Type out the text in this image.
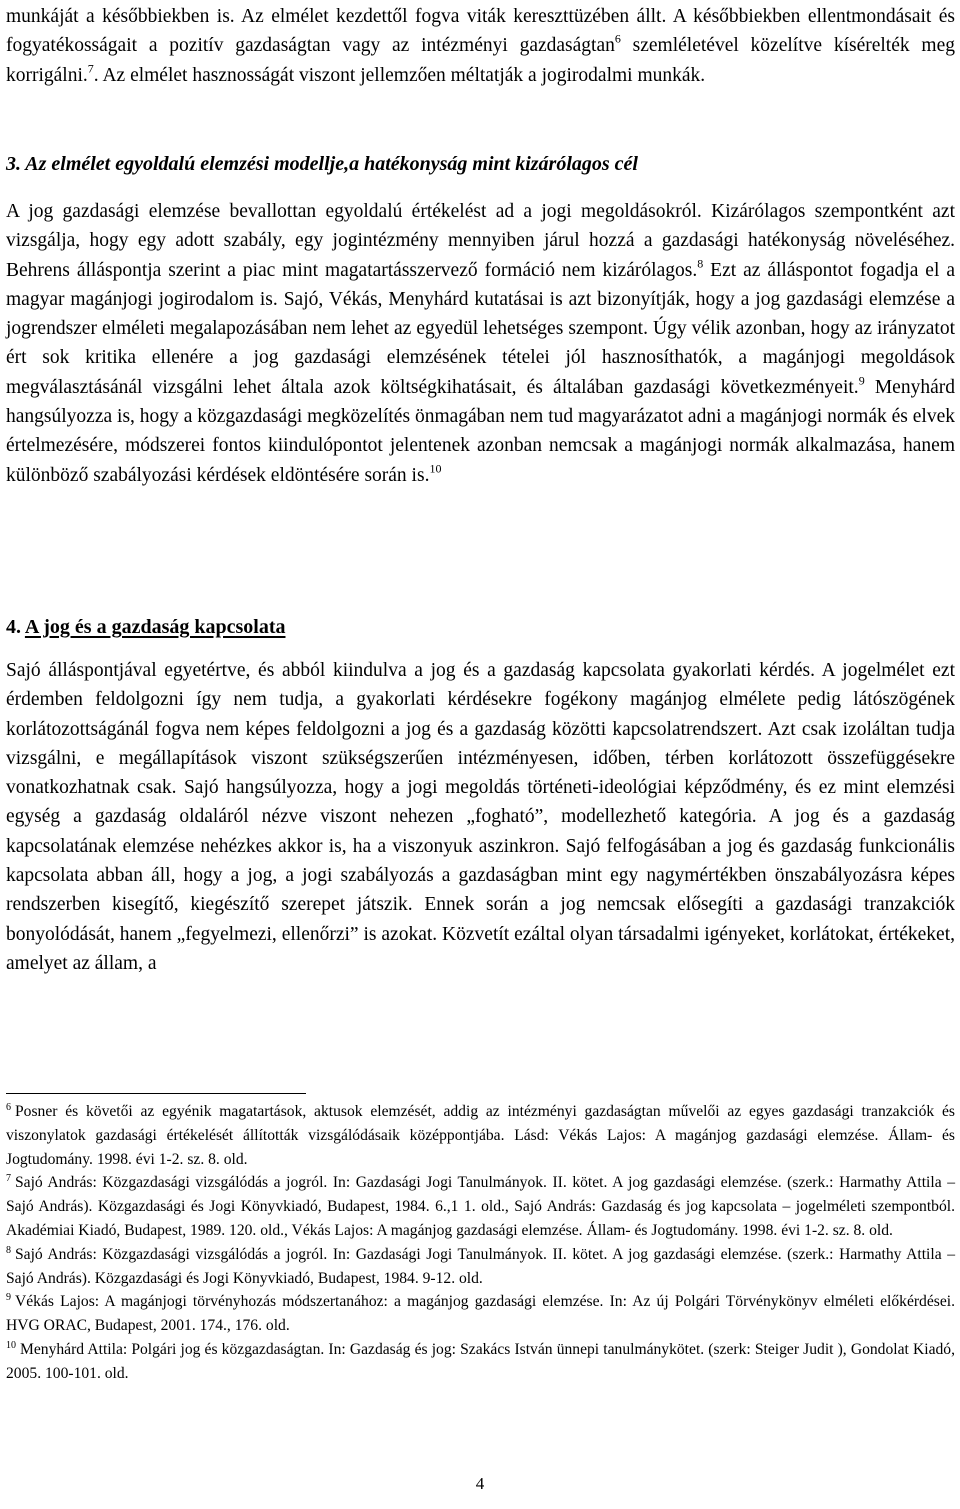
munkáját a későbbiekben is. Az elmélet kezdettől fogva viták kereszttüzében állt. A későbbiekben ellentmondásait és fogyatékosságait a pozitív gazdaságtan vagy az intézményi gazdaságtan$^6$ szemléletével közelítve kísérelték meg korrigálni.$^7$. Az elmélet hasznosságát viszont jellemzően méltatják a jogirodalmi munkák.

3. Az elmélet egyoldalú elemzési modellje,a hatékonyság mint kizárólagos cél

A jog gazdasági elemzése bevallottan egyoldalú értékelést ad a jogi megoldásokról. Kizárólagos szempontként azt vizsgálja, hogy egy adott szabály, egy jogintézmény mennyiben járul hozzá a gazdasági hatékonyság növeléséhez. Behrens álláspontja szerint a piac mint magatartásszervező formáció nem kizárólagos.$^8$ Ezt az álláspontot fogadja el a magyar magánjogi jogirodalom is. Sajó, Vékás, Menyhárd kutatásai is azt bizonyítják, hogy a jog gazdasági elemzése a jogrendszer elméleti megalapozásában nem lehet az egyedül lehetséges szempont. Úgy vélik azonban, hogy az irányzatot ért sok kritika ellenére a jog gazdasági elemzésének tételei jól hasznosíthatók, a magánjogi megoldások megválasztásánál vizsgálni lehet általa azok költségkihatásait, és általában gazdasági következményeit.$^9$ Menyhárd hangsúlyozza is, hogy a közgazdasági megközelítés önmagában nem tud magyarázatot adni a magánjogi normák és elvek értelmezésére, módszerei fontos kiindulópontot jelentenek azonban nemcsak a magánjogi normák alkalmazása, hanem különböző szabályozási kérdések eldöntésére során is.$^{10}$

4. A jog és a gazdaság kapcsolata

Sajó álláspontjával egyetértve, és abból kiindulva a jog és a gazdaság kapcsolata gyakorlati kérdés. A jogelmélet ezt érdemben feldolgozni így nem tudja, a gyakorlati kérdésekre fogékony magánjog elmélete pedig látószögének korlátozottságánál fogva nem képes feldolgozni a jog és a gazdaság közötti kapcsolatrendszert. Azt csak izoláltan tudja vizsgálni, e megállapítások viszont szükségszerűen intézményesen, időben, térben korlátozott összefüggésekre vonatkozhatnak csak. Sajó hangsúlyozza, hogy a jogi megoldás történeti-ideológiai képződmény, és ez mint elemzési egység a gazdaság oldaláról nézve viszont nehezen „fogható”, modellezhető kategória. A jog és a gazdaság kapcsolatának elemzése nehézkes akkor is, ha a viszonyuk aszinkron. Sajó felfogásában a jog és gazdaság funkcionális kapcsolata abban áll, hogy a jog, a jogi szabályozás a gazdaságban mint egy nagymértékben önszabályozásra képes rendszerben kisegítő, kiegészítő szerepet játszik. Ennek során a jog nemcsak elősegíti a gazdasági tranzakciók bonyolódását, hanem „fegyelmezi, ellenőrzi” is azokat. Közvetít ezáltal olyan társadalmi igényeket, korlátokat, értékeket, amelyet az állam, a

$^6$ Posner és követői az egyénik magatartások, aktusok elemzését, addig az intézményi gazdaságtan művelői az egyes gazdasági tranzakciók és viszonylatok gazdasági értékelését állították vizsgálódásaik középpontjába. Lásd: Vékás Lajos: A magánjog gazdasági elemzése. Állam- és Jogtudomány. 1998. évi 1-2. sz. 8. old.

$^7$ Sajó András: Közgazdasági vizsgálódás a jogról. In: Gazdasági Jogi Tanulmányok. II. kötet. A jog gazdasági elemzése. (szerk.: Harmathy Attila – Sajó András). Közgazdasági és Jogi Könyvkiadó, Budapest, 1984. 6.,1 1. old., Sajó András: Gazdaság és jog kapcsolata – jogelméleti szempontból. Akadémiai Kiadó, Budapest, 1989. 120. old., Vékás Lajos: A magánjog gazdasági elemzése. Állam- és Jogtudomány. 1998. évi 1-2. sz. 8. old.

$^8$ Sajó András: Közgazdasági vizsgálódás a jogról. In: Gazdasági Jogi Tanulmányok. II. kötet. A jog gazdasági elemzése. (szerk.: Harmathy Attila – Sajó András). Közgazdasági és Jogi Könyvkiadó, Budapest, 1984. 9-12. old.

$^9$ Vékás Lajos: A magánjogi törvényhozás módszertanához: a magánjog gazdasági elemzése. In: Az új Polgári Törvénykönyv elméleti előkérdései. HVG ORAC, Budapest, 2001. 174., 176. old.

$^{10}$ Menyhárd Attila: Polgári jog és közgazdaságtan. In: Gazdaság és jog: Szakács István ünnepi tanulmánykötet. (szerk: Steiger Judit ), Gondolat Kiadó, 2005. 100-101. old.

4
